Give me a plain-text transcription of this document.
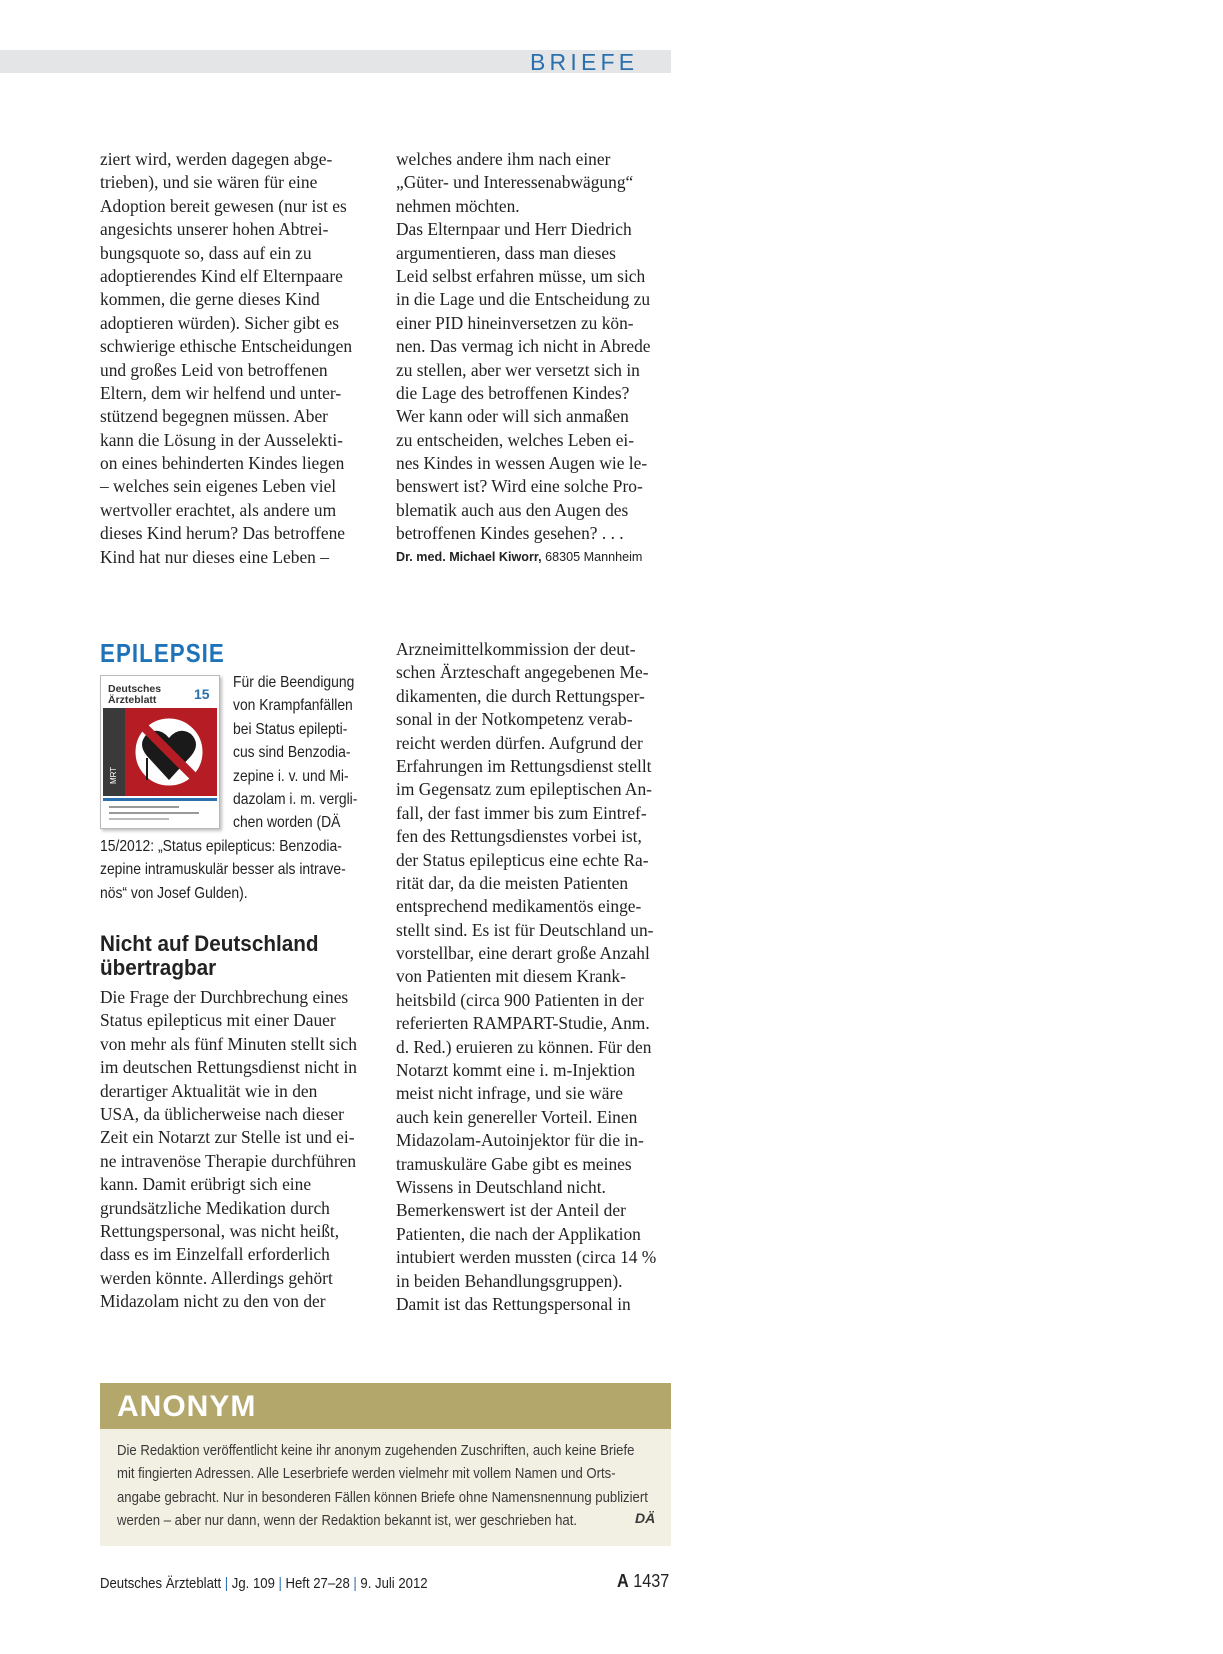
BRIEFE
ziert wird, werden dagegen abge-
trieben), und sie wären für eine
Adoption bereit gewesen (nur ist es
angesichts unserer hohen Abtrei-
bungsquote so, dass auf ein zu
adoptierendes Kind elf Elternpaare
kommen, die gerne dieses Kind
adoptieren würden). Sicher gibt es
schwierige ethische Entscheidungen
und großes Leid von betroffenen
Eltern, dem wir helfend und unter-
stützend begegnen müssen. Aber
kann die Lösung in der Ausselekti-
on eines behinderten Kindes liegen
– welches sein eigenes Leben viel
wertvoller erachtet, als andere um
dieses Kind herum? Das betroffene
Kind hat nur dieses eine Leben –
welches andere ihm nach einer
„Güter- und Interessenabwägung“
nehmen möchten.
Das Elternpaar und Herr Diedrich
argumentieren, dass man dieses
Leid selbst erfahren müsse, um sich
in die Lage und die Entscheidung zu
einer PID hineinversetzen zu kön-
nen. Das vermag ich nicht in Abrede
zu stellen, aber wer versetzt sich in
die Lage des betroffenen Kindes?
Wer kann oder will sich anmaßen
zu entscheiden, welches Leben ei-
nes Kindes in wessen Augen wie le-
benswert ist? Wird eine solche Pro-
blematik auch aus den Augen des
betroffenen Kindes gesehen? . . .
Dr. med. Michael Kiworr, 68305 Mannheim
EPILEPSIE
Deutsches
Ärzteblatt	15
MRT
Für die Beendigung
von Krampfanfällen
bei Status epilepti-
cus sind Benzodia-
zepine i. v. und Mi-
dazolam i. m. vergli-
chen worden (DÄ
15/2012: „Status epilepticus: Benzodia-
zepine intramuskulär besser als intrave-
nös“ von Josef Gulden).
Nicht auf Deutschland
übertragbar
Die Frage der Durchbrechung eines
Status epilepticus mit einer Dauer
von mehr als fünf Minuten stellt sich
im deutschen Rettungsdienst nicht in
derartiger Aktualität wie in den
USA, da üblicherweise nach dieser
Zeit ein Notarzt zur Stelle ist und ei-
ne intravenöse Therapie durchführen
kann. Damit erübrigt sich eine
grundsätzliche Medikation durch
Rettungspersonal, was nicht heißt,
dass es im Einzelfall erforderlich
werden könnte. Allerdings gehört
Midazolam nicht zu den von der
Arzneimittelkommission der deut-
schen Ärzteschaft angegebenen Me-
dikamenten, die durch Rettungsper-
sonal in der Notkompetenz verab-
reicht werden dürfen. Aufgrund der
Erfahrungen im Rettungsdienst stellt
im Gegensatz zum epileptischen An-
fall, der fast immer bis zum Eintref-
fen des Rettungsdienstes vorbei ist,
der Status epilepticus eine echte Ra-
rität dar, da die meisten Patienten
entsprechend medikamentös einge-
stellt sind. Es ist für Deutschland un-
vorstellbar, eine derart große Anzahl
von Patienten mit diesem Krank-
heitsbild (circa 900 Patienten in der
referierten RAMPART-Studie, Anm.
d. Red.) eruieren zu können. Für den
Notarzt kommt eine i. m-Injektion
meist nicht infrage, und sie wäre
auch kein genereller Vorteil. Einen
Midazolam-Autoinjektor für die in-
tramuskuläre Gabe gibt es meines
Wissens in Deutschland nicht.
Bemerkenswert ist der Anteil der
Patienten, die nach der Applikation
intubiert werden mussten (circa 14 %
in beiden Behandlungsgruppen).
Damit ist das Rettungspersonal in
ANONYM
Die Redaktion veröffentlicht keine ihr anonym zugehenden Zuschriften, auch keine Briefe
mit fingierten Adressen. Alle Leserbriefe werden vielmehr mit vollem Namen und Orts-
angabe gebracht. Nur in besonderen Fällen können Briefe ohne Namensnennung publiziert
werden – aber nur dann, wenn der Redaktion bekannt ist, wer geschrieben hat.	DÄ
Deutsches Ärzteblatt | Jg. 109 | Heft 27–28 | 9. Juli 2012	A 1437
